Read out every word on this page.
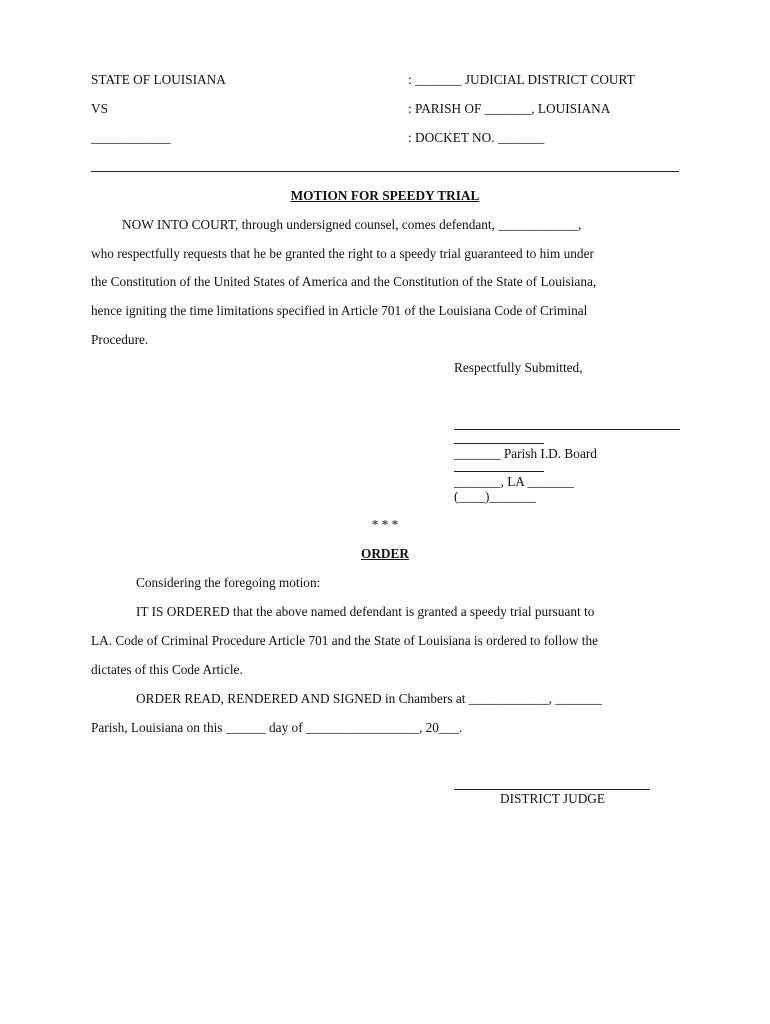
STATE OF LOUISIANA	: _______ JUDICIAL DISTRICT COURT
VS	: PARISH OF _______, LOUISIANA
____________	: DOCKET NO. _______
MOTION FOR SPEEDY TRIAL
NOW INTO COURT, through undersigned counsel, comes defendant, ____________,
who respectfully requests that he be granted the right to a speedy trial guaranteed to him under
the Constitution of the United States of America and the Constitution of the State of Louisiana,
hence igniting the time limitations specified in Article 701 of the Louisiana Code of Criminal
Procedure.
Respectfully Submitted,
_______ Parish I.D. Board
_______, LA _______
(____)_______
* * *
ORDER
Considering the foregoing motion:
IT IS ORDERED that the above named defendant is granted a speedy trial pursuant to
LA. Code of Criminal Procedure Article 701 and the State of Louisiana is ordered to follow the
dictates of this Code Article.
ORDER READ, RENDERED AND SIGNED in Chambers at ____________, _______
Parish, Louisiana on this ______ day of _________________, 20___.
DISTRICT JUDGE
